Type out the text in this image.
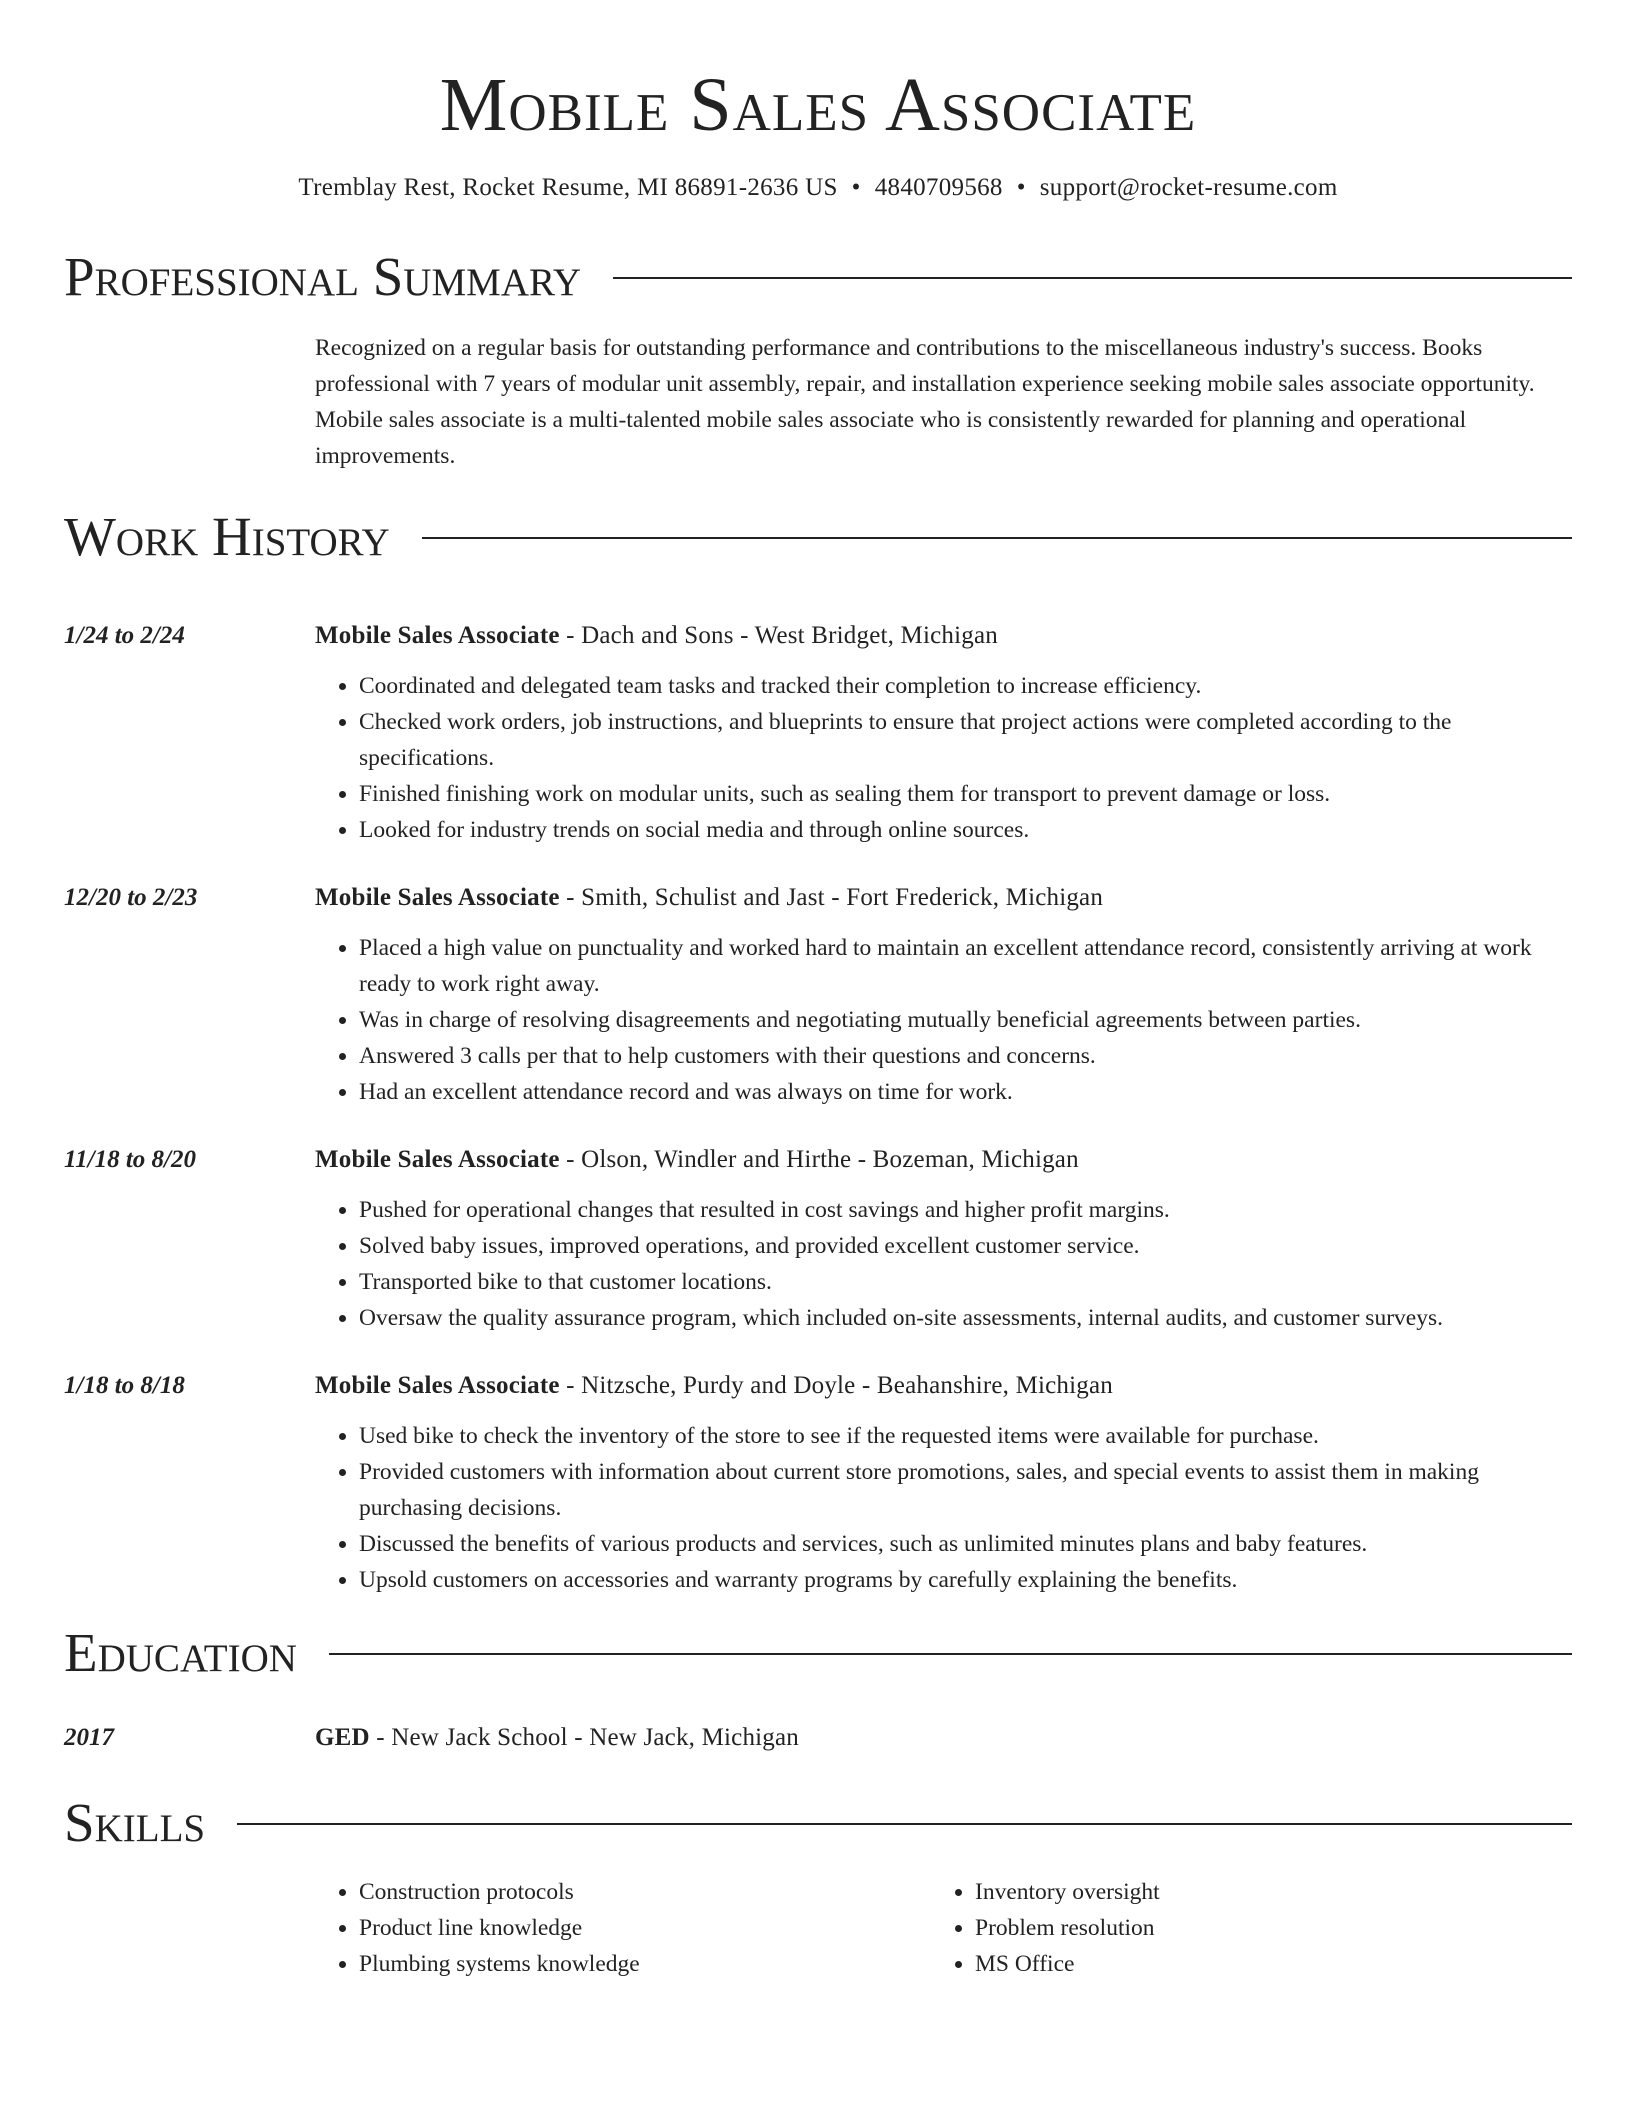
Mobile Sales Associate
Tremblay Rest, Rocket Resume, MI 86891-2636 US • 4840709568 • support@rocket-resume.com
Professional Summary
Recognized on a regular basis for outstanding performance and contributions to the miscellaneous industry's success. Books professional with 7 years of modular unit assembly, repair, and installation experience seeking mobile sales associate opportunity. Mobile sales associate is a multi-talented mobile sales associate who is consistently rewarded for planning and operational improvements.
Work History
1/24 to 2/24	Mobile Sales Associate - Dach and Sons - West Bridget, Michigan
• Coordinated and delegated team tasks and tracked their completion to increase efficiency.
• Checked work orders, job instructions, and blueprints to ensure that project actions were completed according to the specifications.
• Finished finishing work on modular units, such as sealing them for transport to prevent damage or loss.
• Looked for industry trends on social media and through online sources.
12/20 to 2/23	Mobile Sales Associate - Smith, Schulist and Jast - Fort Frederick, Michigan
• Placed a high value on punctuality and worked hard to maintain an excellent attendance record, consistently arriving at work ready to work right away.
• Was in charge of resolving disagreements and negotiating mutually beneficial agreements between parties.
• Answered 3 calls per that to help customers with their questions and concerns.
• Had an excellent attendance record and was always on time for work.
11/18 to 8/20	Mobile Sales Associate - Olson, Windler and Hirthe - Bozeman, Michigan
• Pushed for operational changes that resulted in cost savings and higher profit margins.
• Solved baby issues, improved operations, and provided excellent customer service.
• Transported bike to that customer locations.
• Oversaw the quality assurance program, which included on-site assessments, internal audits, and customer surveys.
1/18 to 8/18	Mobile Sales Associate - Nitzsche, Purdy and Doyle - Beahanshire, Michigan
• Used bike to check the inventory of the store to see if the requested items were available for purchase.
• Provided customers with information about current store promotions, sales, and special events to assist them in making purchasing decisions.
• Discussed the benefits of various products and services, such as unlimited minutes plans and baby features.
• Upsold customers on accessories and warranty programs by carefully explaining the benefits.
Education
2017	GED - New Jack School - New Jack, Michigan
Skills
• Construction protocols
• Product line knowledge
• Plumbing systems knowledge
• Inventory oversight
• Problem resolution
• MS Office
